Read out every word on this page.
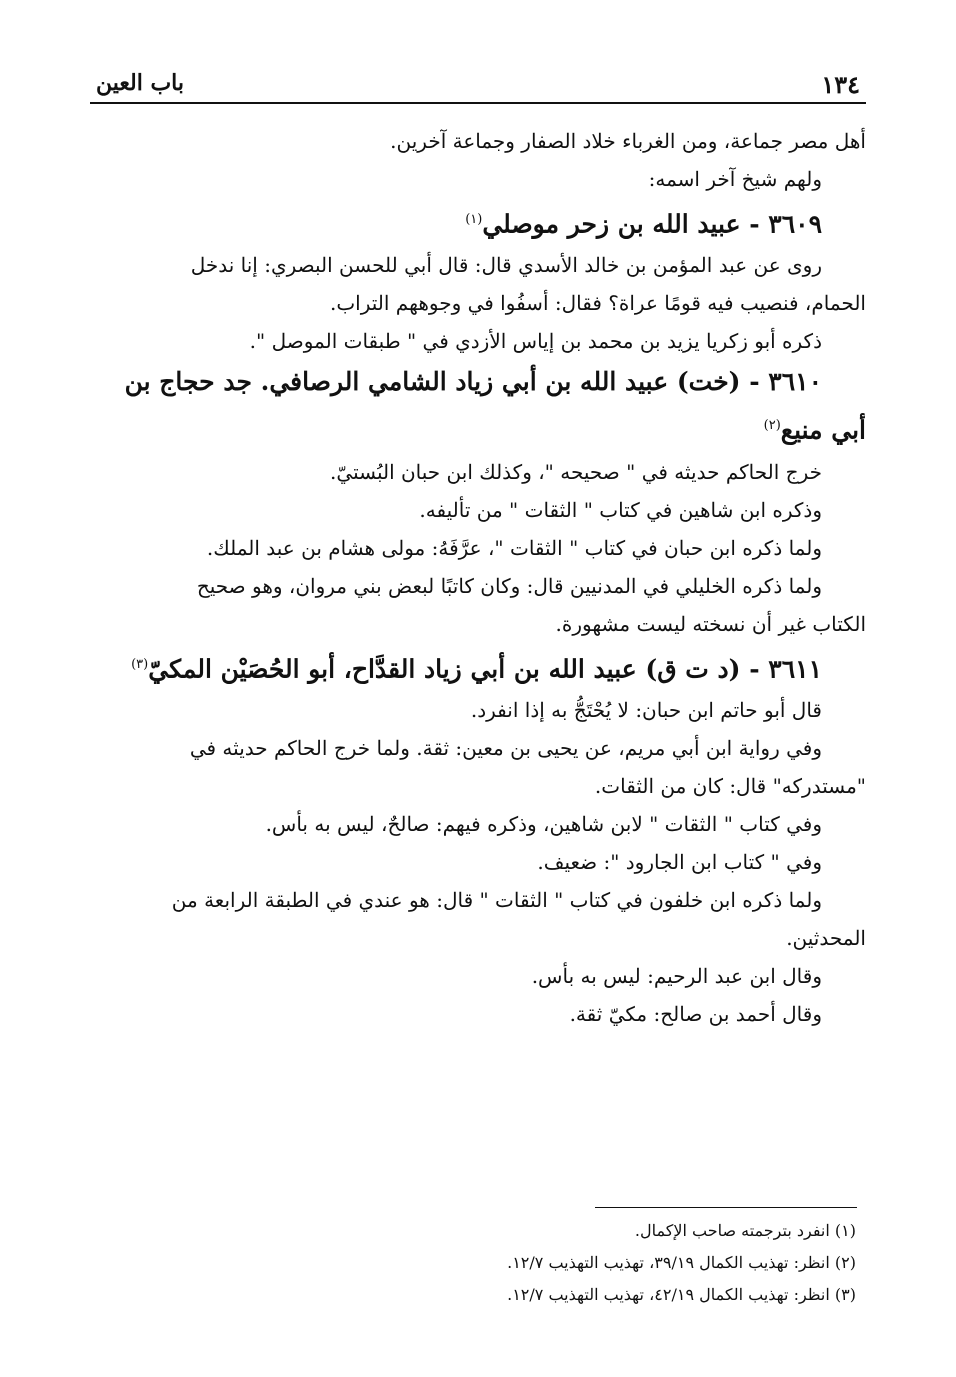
١٣٤
باب العين

أهل مصر جماعة، ومن الغرباء خلاد الصفار وجماعة آخرين.

ولهم شيخ آخر اسمه:

٣٦٠٩ - عبيد الله بن زحر موصلي$^{(١)}$

روى عن عبد المؤمن بن خالد الأسدي قال: قال أبي للحسن البصري: إنا ندخل

الحمام، فنصيب فيه قومًا عراة؟ فقال: أسفُوا في وجوههم التراب.

ذكره أبو زكريا يزيد بن محمد بن إياس الأزدي في " طبقات الموصل ".

٣٦١٠ - (خت) عبيد الله بن أبي زياد الشامي الرصافي. جد حجاج بن

أبي منيع$^{(٢)}$

خرج الحاكم حديثه في " صحيحه "، وكذلك ابن حبان البُستيّ.

وذكره ابن شاهين في كتاب " الثقات " من تأليفه.

ولما ذكره ابن حبان في كتاب " الثقات "، عرَّفَهُ: مولى هشام بن عبد الملك.

ولما ذكره الخليلي في المدنيين قال: وكان كاتبًا لبعض بني مروان، وهو صحيح

الكتاب غير أن نسخته ليست مشهورة.

٣٦١١ - (د ت ق) عبيد الله بن أبي زياد القدَّاح، أبو الحُصَيْن المكيّ$^{(٣)}$

قال أبو حاتم ابن حبان: لا يُحْتَجُّ به إذا انفرد.

وفي رواية ابن أبي مريم، عن يحيى بن معين: ثقة. ولما خرج الحاكم حديثه في

"مستدركه" قال: كان من الثقات.

وفي كتاب " الثقات " لابن شاهين، وذكره فيهم: صالحٌ، ليس به بأس.

وفي " كتاب ابن الجارود ": ضعيف.

ولما ذكره ابن خلفون في كتاب " الثقات " قال: هو عندي في الطبقة الرابعة من

المحدثين.

وقال ابن عبد الرحيم: ليس به بأس.

وقال أحمد بن صالح: مكيّ ثقة.

(١) انفرد بترجمته صاحب الإكمال.

(٢) انظر: تهذيب الكمال ٣٩/١٩، تهذيب التهذيب ١٢/٧.

(٣) انظر: تهذيب الكمال ٤٢/١٩، تهذيب التهذيب ١٢/٧.
